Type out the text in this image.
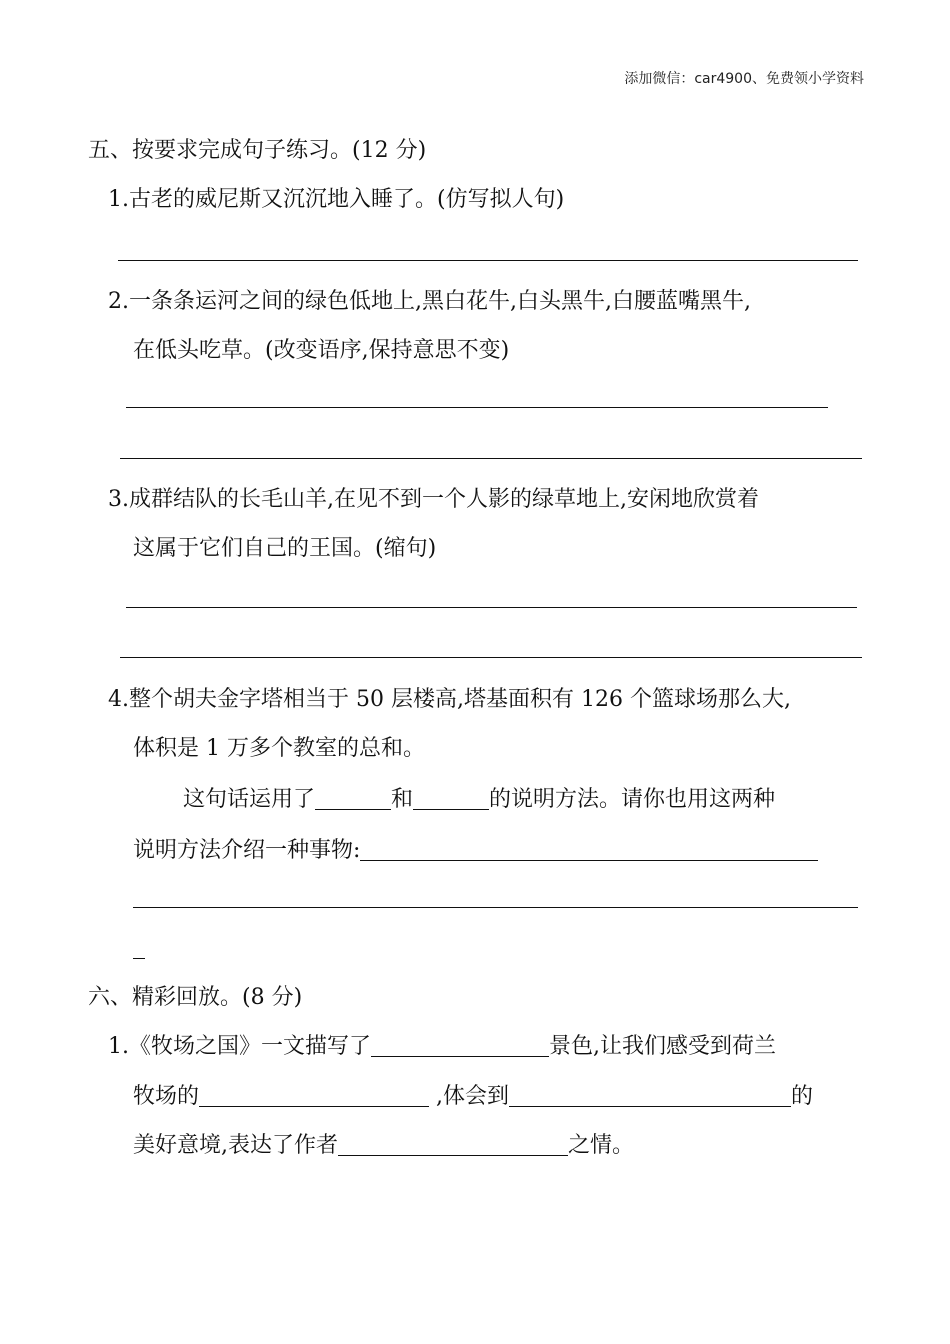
添加微信：car4900、免费领小学资料
五、按要求完成句子练习。(12 分)
1.古老的威尼斯又沉沉地入睡了。(仿写拟人句)
2.一条条运河之间的绿色低地上,黑白花牛,白头黑牛,白腰蓝嘴黑牛,
在低头吃草。(改变语序,保持意思不变)
3.成群结队的长毛山羊,在见不到一个人影的绿草地上,安闲地欣赏着
这属于它们自己的王国。(缩句)
4.整个胡夫金字塔相当于 50 层楼高,塔基面积有 126 个篮球场那么大,
体积是 1 万多个教室的总和。
这句话运用了	和	的说明方法。请你也用这两种
说明方法介绍一种事物:
六、精彩回放。(8 分)
1.《牧场之国》一文描写了	景色,让我们感受到荷兰
牧场的	,体会到	的
美好意境,表达了作者	之情。
